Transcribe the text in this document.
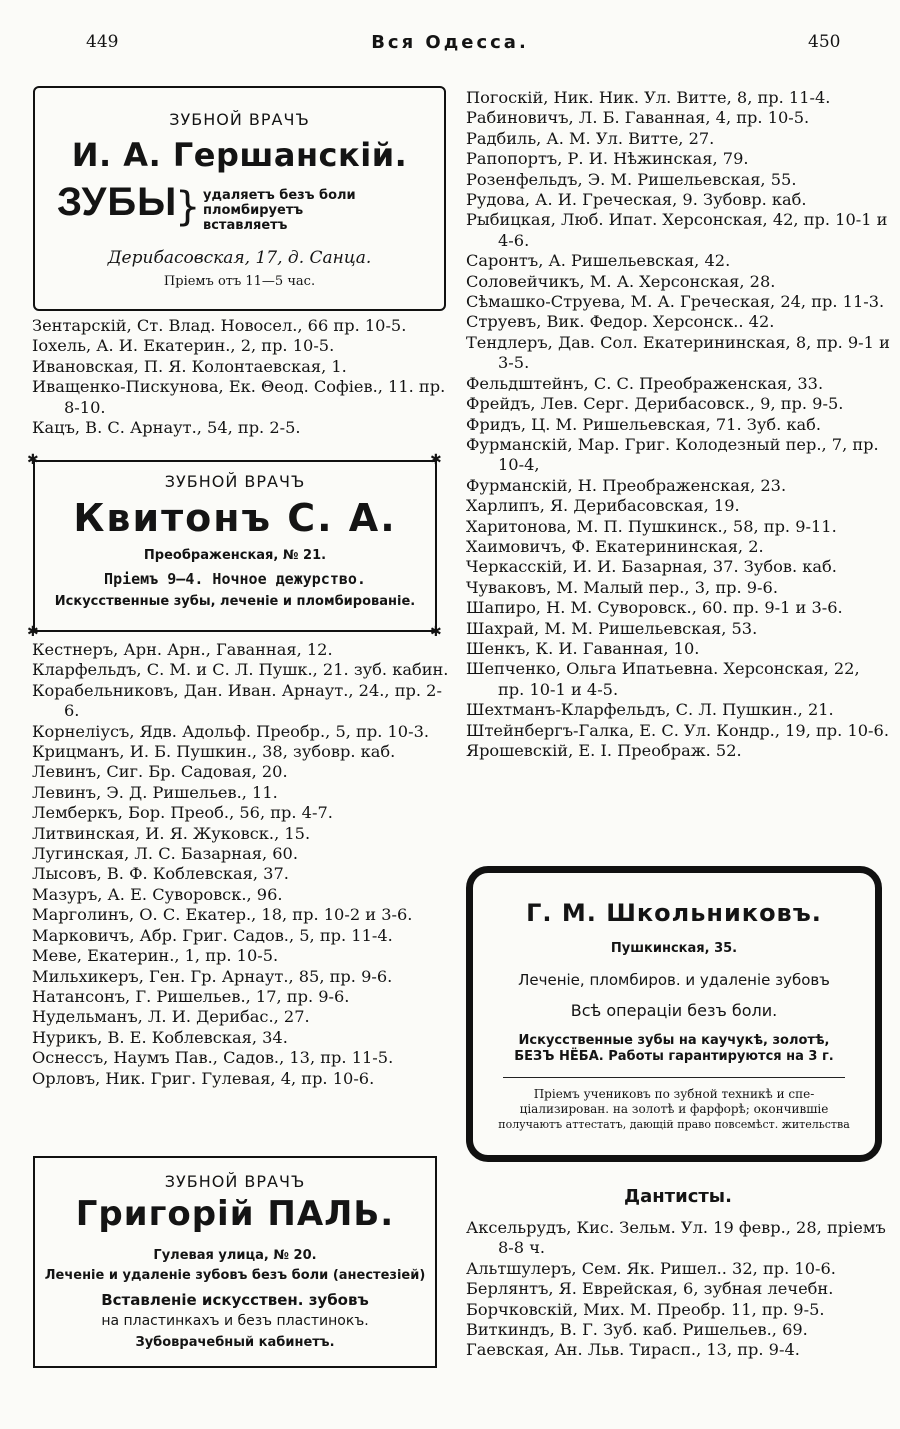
449	Вся Одесса.	450
ЗУБНОЙ ВРАЧЪ
И. А. Гершанскiй.
ЗУБЫ
} удаляетъ безъ боли
пломбируетъ
вставляетъ
Дерибасовская, 17, д. Санца.
Прiемъ отъ 11—5 час.
Зентарскiй, Ст. Влад. Новосел., 66 пр. 10-5.
Iохель, А. И. Екатерин., 2, пр. 10-5.
Ивановская, П. Я. Колонтаевская, 1.
Иващенко-Пискунова, Ек. Θеод. Софiев., 11. пр. 8-10.
Кацъ, В. С. Арнаут., 54, пр. 2-5.
✱	✱
✱	✱
ЗУБНОЙ ВРАЧЪ
Квитонъ С. А.
Преображенская, № 21.
Прiемъ 9—4. Ночное дежурство.
Искусственные зубы, леченiе и пломбированiе.
Кестнеръ, Арн. Арн., Гаванная, 12.
Кларфельдъ, С. М. и С. Л. Пушк., 21. зуб. кабин.
Корабельниковъ, Дан. Иван. Арнаут., 24., пр. 2-6.
Корнелiусъ, Ядв. Адольф. Преобр., 5, пр. 10-3.
Крицманъ, И. Б. Пушкин., 38, зубовр. каб.
Левинъ, Сиг. Бр. Садовая, 20.
Левинъ, Э. Д. Ришельев., 11.
Лемберкъ, Бор. Преоб., 56, пр. 4-7.
Литвинская, И. Я. Жуковск., 15.
Лугинская, Л. С. Базарная, 60.
Лысовъ, В. Ф. Коблевская, 37.
Мазуръ, А. Е. Суворовск., 96.
Марголинъ, О. С. Екатер., 18, пр. 10-2 и 3-6.
Марковичъ, Абр. Григ. Садов., 5, пр. 11-4.
Меве, Екатерин., 1, пр. 10-5.
Мильхикеръ, Ген. Гр. Арнаут., 85, пр. 9-6.
Натансонъ, Г. Ришельев., 17, пр. 9-6.
Нудельманъ, Л. И. Дерибас., 27.
Нурикъ, В. Е. Коблевская, 34.
Оснессъ, Наумъ Пав., Садов., 13, пр. 11-5.
Орловъ, Ник. Григ. Гулевая, 4, пр. 10-6.
ЗУБНОЙ ВРАЧЪ
Григорiй ПАЛЬ.
Гулевая улица, № 20.
Леченiе и удаленiе зубовъ безъ боли (анестезiей)
Вставленiе искусствен. зубовъ
на пластинкахъ и безъ пластинокъ.
Зубоврачебный кабинетъ.
Погоскiй, Ник. Ник. Ул. Витте, 8, пр. 11-4.
Рабиновичъ, Л. Б. Гаванная, 4, пр. 10-5.
Радбиль, А. М. Ул. Витте, 27.
Рапопортъ, Р. И. Нѣжинская, 79.
Розенфельдъ, Э. М. Ришельевская, 55.
Рудова, А. И. Греческая, 9. Зубовр. каб.
Рыбицкая, Люб. Ипат. Херсонская, 42, пр. 10-1 и 4-6.
Саронтъ, А. Ришельевская, 42.
Соловейчикъ, М. А. Херсонская, 28.
Сѣмашко-Струева, М. А. Греческая, 24, пр. 11-3.
Струевъ, Вик. Федор. Херсонск.. 42.
Тендлеръ, Дав. Сол. Екатерининская, 8, пр. 9-1 и 3-5.
Фельдштейнъ, С. С. Преображенская, 33.
Фрейдъ, Лев. Серг. Дерибасовск., 9, пр. 9-5.
Фридъ, Ц. М. Ришельевская, 71. Зуб. каб.
Фурманскiй, Мар. Григ. Колодезный пер., 7, пр. 10-4,
Фурманскiй, Н. Преображенская, 23.
Харлипъ, Я. Дерибасовская, 19.
Харитонова, М. П. Пушкинск., 58, пр. 9-11.
Хаимовичъ, Ф. Екатерининская, 2.
Черкасскiй, И. И. Базарная, 37. Зубов. каб.
Чуваковъ, М. Малый пер., 3, пр. 9-6.
Шапиро, Н. М. Суворовск., 60. пр. 9-1 и 3-6.
Шахрай, М. М. Ришельевская, 53.
Шенкъ, К. И. Гаванная, 10.
Шепченко, Ольга Ипатьевна. Херсонская, 22, пр. 10-1 и 4-5.
Шехтманъ-Кларфельдъ, С. Л. Пушкин., 21.
Штейнбергъ-Галка, Е. С. Ул. Кондр., 19, пр. 10-6.
Ярошевскiй, Е. I. Преображ. 52.
Г. М. Школьниковъ.
Пушкинская, 35.
Леченiе, пломбиров. и удаленiе зубовъ
Всѣ операцiи безъ боли.
Искусственные зубы на каучукѣ, золотѣ,
БЕЗЪ НЁБА. Работы гарантируются на 3 г.
Прiемъ учениковъ по зубной техникѣ и спе-
цiализирован. на золотѣ и фарфорѣ; окончившiе
получаютъ аттестатъ, дающiй право повсемѣст. жительства
Дантисты.
Аксельрудъ, Кис. Зельм. Ул. 19 февр., 28, прiемъ 8-8 ч.
Альтшулеръ, Сем. Як. Ришел.. 32, пр. 10-6.
Берлянтъ, Я. Еврейская, 6, зубная лечебн.
Борчковскiй, Мих. М. Преобр. 11, пр. 9-5.
Виткиндъ, В. Г. Зуб. каб. Ришельев., 69.
Гаевская, Ан. Льв. Тирасп., 13, пр. 9-4.
